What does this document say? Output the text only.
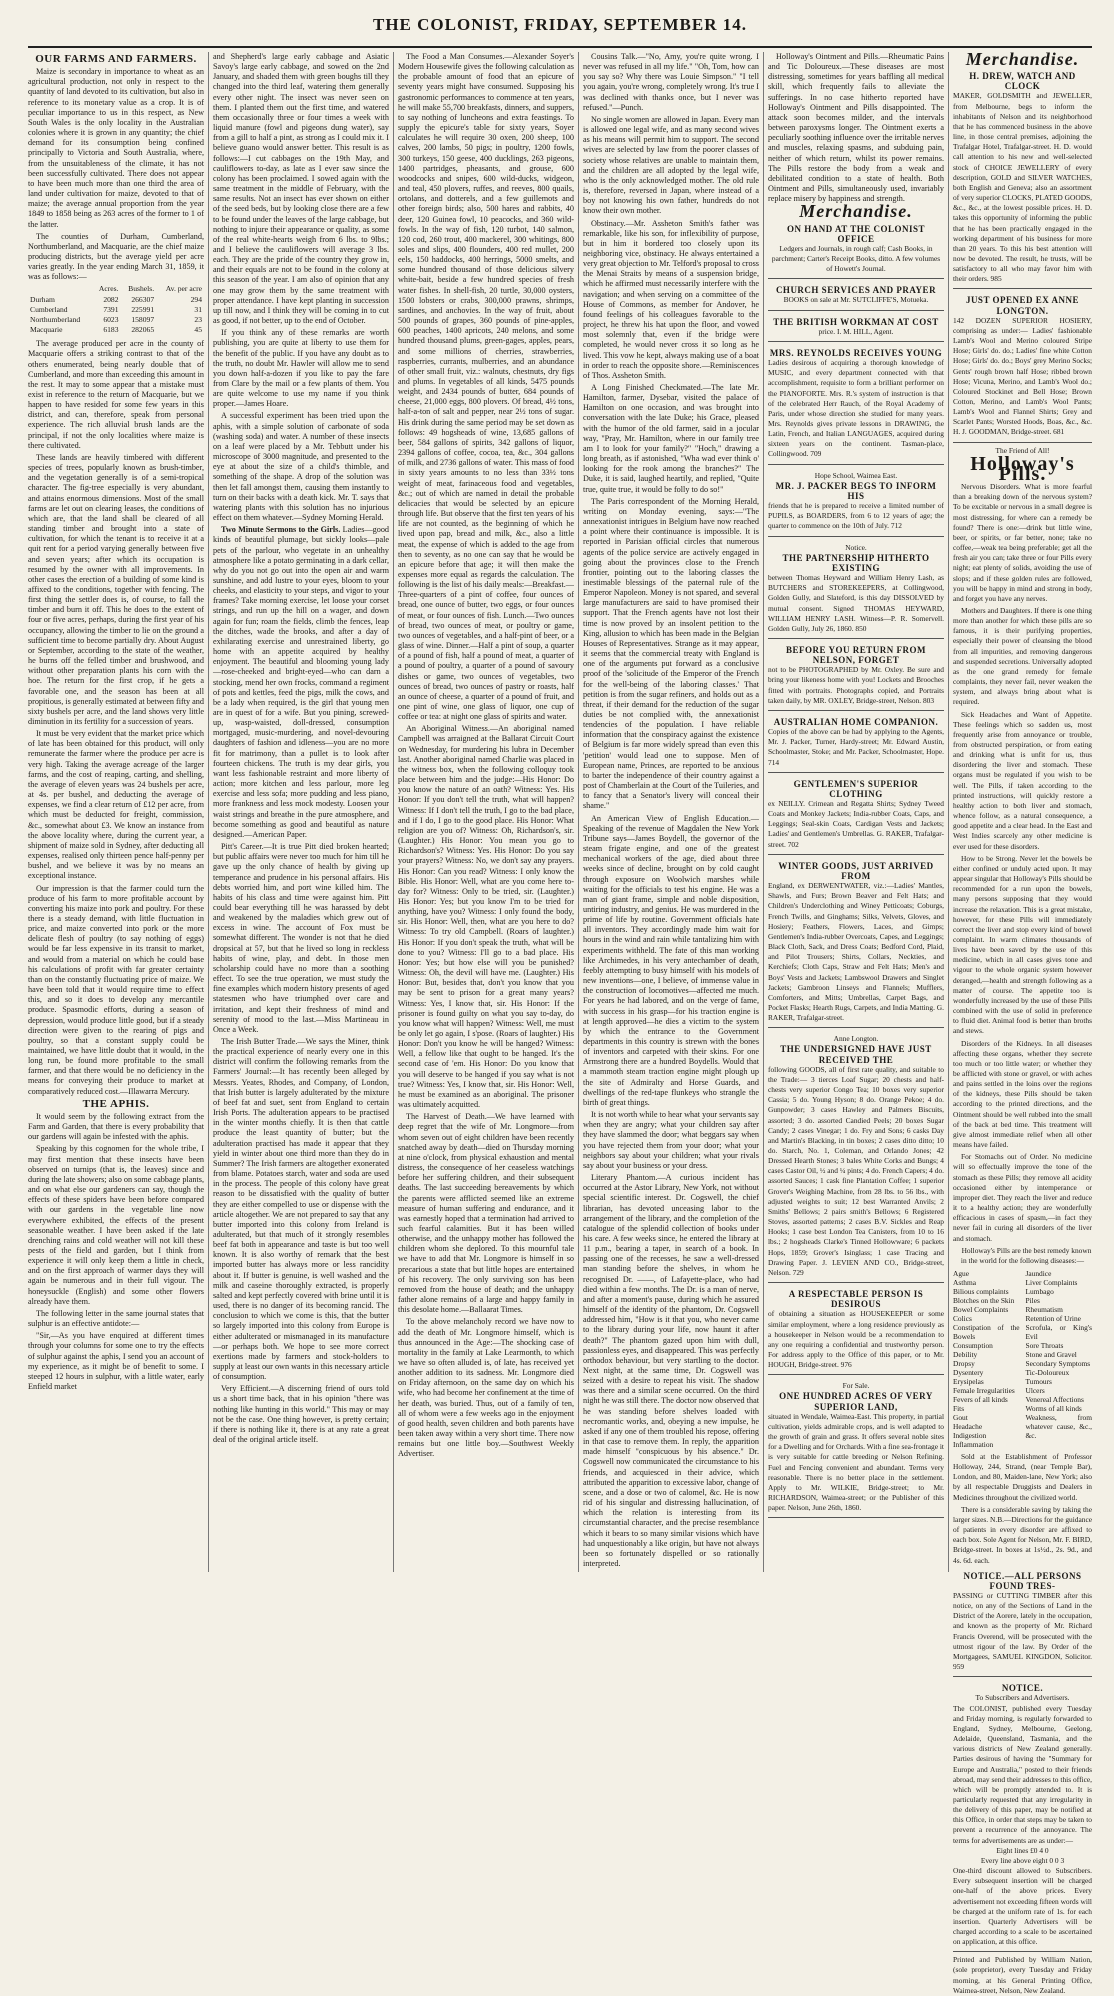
THE COLONIST, FRIDAY, SEPTEMBER 14.
OUR FARMS AND FARMERS.

Maize is secondary in importance to wheat as an agricultural production, not only in respect to the quantity of land devoted to its cultivation, but also in reference to its monetary value as a crop. It is of peculiar importance to us in this respect, as New South Wales is the only locality in the Australian colonies where it is grown in any quantity; the chief demand for its consumption being confined principally to Victoria and South Australia, where, from the unsuitableness of the climate, it has not been successfully cultivated. There does not appear to have been much more than one third the area of land under cultivation for maize, devoted to that of maize; the average annual proportion from the year 1849 to 1858 being as 263 acres of the former to 1 of the latter.

The counties of Durham, Cumberland, Northumberland, and Macquarie, are the chief maize producing districts, but the average yield per acre varies greatly. In the year ending March 31, 1859, it was as follows:—

	Acres.	Bushels.	Av. per acre
Durham	2082	266307	294
Cumberland	7391	225991	31
Northumberland	6023	158097	23
Macquarie	6183	282065	45

The average produced per acre in the county of Macquarie offers a striking contrast to that of the others enumerated, being nearly double that of Cumberland, and more than exceeding this amount in the rest. It may to some appear that a mistake must exist in reference to the return of Macquarie, but we happen to have resided for some few years in this district, and can, therefore, speak from personal experience. The rich alluvial brush lands are the principal, if not the only localities where maize is there cultivated.

These lands are heavily timbered with different species of trees, popularly known as brush-timber, and the vegetation generally is of a semi-tropical character. The fig-tree especially is very abundant, and attains enormous dimensions. Most of the small farms are let out on clearing leases, the conditions of which are, that the land shall be cleared of all standing timber and brought into a state of cultivation, for which the tenant is to receive it at a quit rent for a period varying generally between five and seven years; after which its occupation is resumed by the owner with all improvements. In other cases the erection of a building of some kind is affixed to the conditions, together with fencing. The first thing the settler does is, of course, to fall the timber and burn it off. This he does to the extent of four or five acres, perhaps, during the first year of his occupancy, allowing the timber to lie on the ground a sufficient time to become partially dry. About August or September, according to the state of the weather, he burns off the felled timber and brushwood, and without other preparation plants his corn with the hoe. The return for the first crop, if he gets a favorable one, and the season has been at all propitious, is generally estimated at between fifty and sixty bushels per acre, and the land shows very little diminution in its fertility for a succession of years.

It must be very evident that the market price which of late has been obtained for this product, will only remunerate the farmer where the produce per acre is very high. Taking the average acreage of the larger farms, and the cost of reaping, carting, and shelling, the average of eleven years was 24 bushels per acre, at 4s. per bushel, and deducting the average of expenses, we find a clear return of £12 per acre, from which must be deducted for freight, commission, &c., somewhat about £3. We know an instance from the above locality where, during the current year, a shipment of maize sold in Sydney, after deducting all expenses, realised only thirteen pence half-penny per bushel, and we believe it was by no means an exceptional instance.

Our impression is that the farmer could turn the produce of his farm to more profitable account by converting his maize into pork and poultry. For these there is a steady demand, with little fluctuation in price, and maize converted into pork or the more delicate flesh of poultry (to say nothing of eggs) would be far less expensive in its transit to market, and would from a material on which he could base his calculations of profit with far greater certainty than on the constantly fluctuating price of maize. We have been told that it would require time to effect this, and so it does to develop any mercantile produce. Spasmodic efforts, during a season of depression, would produce little good, but if a steady direction were given to the rearing of pigs and poultry, so that a constant supply could be maintained, we have little doubt that it would, in the long run, be found more profitable to the small farmer, and that there would be no deficiency in the means for conveying their produce to market at comparatively reduced cost.—Illawarra Mercury.

THE APHIS.

It would seem by the following extract from the Farm and Garden, that there is every probability that our gardens will again be infested with the aphis.

Speaking by this cognomen for the whole tribe, I may first mention that these insects have been observed on turnips (that is, the leaves) since and during the late showers; also on some cabbage plants, and on what else our gardeners can say, though the effects of these spiders have been before compared with our gardens in the vegetable line now everywhere exhibited, the effects of the present seasonable weather. I have been asked if the late drenching rains and cold weather will not kill these pests of the field and garden, but I think from experience it will only keep them a little in check, and on the first approach of warmer days they will again be numerous and in their full vigour. The honeysuckle (English) and some other flowers already have them.

The following letter in the same journal states that sulphur is an effective antidote:—

"Sir,—As you have enquired at different times through your columns for some one to try the effects of sulphur against the aphis, I send you an account of my experience, as it might be of benefit to some. I steeped 12 hours in sulphur, with a little water, early Enfield market

and Shepherd's large early cabbage and Asiatic Savoy's large early cabbage, and sowed on the 2nd January, and shaded them with green boughs till they changed into the third leaf, watering them generally every other night. The insect was never seen on them. I planted them out the first time, and watered them occasionally three or four times a week with liquid manure (fowl and pigeons dung water), say from a gill to half a pint, as strong as I could mix it. I believe guano would answer better. This result is as follows:—I cut cabbages on the 19th May, and cauliflowers to-day, as late as I ever saw since the colony has been proclaimed. I sowed again with the same treatment in the middle of February, with the same results. Not an insect has ever shown on either of the seed beds, but by looking close there are a few to be found under the leaves of the large cabbage, but nothing to injure their appearance or quality, as some of the real white-hearts weigh from 6 lbs. to 9lbs.; and I believe the cauliflowers will average 3 lbs. each. They are the pride of the country they grow in, and their equals are not to be found in the colony at this season of the year. I am also of opinion that any one may grow them by the same treatment with proper attendance. I have kept planting in succession up till now, and I think they will be coming in to cut as good, if not better, up to the end of October.

If you think any of these remarks are worth publishing, you are quite at liberty to use them for the benefit of the public. If you have any doubt as to the truth, no doubt Mr. Hawler will allow me to send you down half-a-dozen if you like to pay the fare from Clare by the mail or a few plants of them. You are quite welcome to use my name if you think proper.—James Hoare.

A successful experiment has been tried upon the aphis, with a simple solution of carbonate of soda (washing soda) and water. A number of these insects on a leaf were placed by a Mr. Tebbutt under his microscope of 3000 magnitude, and presented to the eye at about the size of a child's thimble, and something of the shape. A drop of the solution was then let fall amongst them, causing them instantly to turn on their backs with a death kick. Mr. T. says that watering plants with this solution has no injurious effect on them whatever.—Sydney Morning Herald.

Two Minute Sermons to the Girls. Ladies—good kinds of beautiful plumage, but sickly looks—pale pets of the parlour, who vegetate in an unhealthy atmosphere like a potato germinating in a dark cellar, why do you not go out into the open air and warm sunshine, and add lustre to your eyes, bloom to your cheeks, and elasticity to your steps, and vigor to your frames? Take morning exercise, let loose your corset strings, and run up the hill on a wager, and down again for fun; roam the fields, climb the fences, leap the ditches, wade the brooks, and after a day of exhilarating exercise and unrestrained liberty, go home with an appetite acquired by healthy enjoyment. The beautiful and blooming young lady—rose-cheeked and bright-eyed—who can darn a stocking, mend her own frocks, command a regiment of pots and kettles, feed the pigs, milk the cows, and be a lady when required, is the girl that young men are in quest of for a wife. But you pining, screwed-up, wasp-waisted, doll-dressed, consumption mortgaged, music-murdering, and novel-devouring daughters of fashion and idleness—you are no more fit for matrimony, than a pullet is to look after fourteen chickens. The truth is my dear girls, you want less fashionable restraint and more liberty of action; more kitchen and less parlour, more leg exercise and less sofa; more pudding and less piano, more frankness and less mock modesty. Loosen your waist strings and breathe in the pure atmosphere, and become something as good and beautiful as nature designed.—American Paper.

Pitt's Career.—It is true Pitt died broken hearted; but public affairs were never too much for him till he gave up the only chance of health by giving up temperance and prudence in his personal affairs. His debts worried him, and port wine killed him. The habits of his class and time were against him. Pitt could bear everything till he was harassed by debt and weakened by the maladies which grew out of excess in wine. The account of Fox must be somewhat different. The wonder is not that he died dropsical at 57, but that he lived so long in reckless habits of wine, play, and debt. In those men scholarship could have no more than a soothing effect. To see the true operation, we must study the fine examples which modern history presents of aged statesmen who have triumphed over care and irritation, and kept their freshness of mind and serenity of mood to the last.—Miss Martineau in Once a Week.

The Irish Butter Trade.—We says the Miner, think the practical experience of nearly every one in this district will confirm the following remarks from the Farmers' Journal:—It has recently been alleged by Messrs. Yeates, Rhodes, and Company, of London, that Irish butter is largely adulterated by the mixture of beef fat and suet, sent from England to certain Irish Ports. The adulteration appears to be practised in the winter months chiefly. It is then that cattle produce the least quantity of butter; but the adulteration practised has made it appear that they yield in winter about one third more than they do in Summer? The Irish farmers are altogether exonerated from blame. Potatoes starch, water and soda are used in the process. The people of this colony have great reason to be dissatisfied with the quality of butter they are either compelled to use or dispense with the article altogether. We are not prepared to say that any butter imported into this colony from Ireland is adulterated, but that much of it strongly resembles beef fat both in appearance and taste is but too well known. It is also worthy of remark that the best imported butter has always more or less rancidity about it. If butter is genuine, is well washed and the milk and caseine thoroughly extracted, is properly salted and kept perfectly covered with brine until it is used, there is no danger of its becoming rancid. The conclusion to which we come is this, that the butter so largely imported into this colony from Europe is either adulterated or mismanaged in its manufacture—or perhaps both. We hope to see more correct exertions made by farmers and stock-holders to supply at least our own wants in this necessary article of consumption.

Very Efficient.—A discerning friend of ours told us a short time back, that in his opinion "there was nothing like hunting in this world." This may or may not be the case. One thing however, is pretty certain; if there is nothing like it, there is at any rate a great deal of the original article itself.

The Food a Man Consumes.—Alexander Soyer's Modern Housewife gives the following calculation as the probable amount of food that an epicure of seventy years might have consumed. Supposing his gastronomic performances to commence at ten years, he will make 55,700 breakfasts, dinners, and suppers, to say nothing of luncheons and extra feastings. To supply the epicure's table for sixty years, Soyer calculates he will require 30 oxen, 200 sheep, 100 calves, 200 lambs, 50 pigs; in poultry, 1200 fowls, 300 turkeys, 150 geese, 400 ducklings, 263 pigeons, 1400 partridges, pheasants, and grouse, 600 woodcocks and snipes, 600 wild-ducks, widgeon, and teal, 450 plovers, ruffes, and reeves, 800 quails, ortolans, and dotterels, and a few guillemots and other foreign birds; also, 500 hares and rabbits, 40 deer, 120 Guinea fowl, 10 peacocks, and 360 wild-fowls. In the way of fish, 120 turbot, 140 salmon, 120 cod, 260 trout, 400 mackerel, 300 whitings, 800 soles and slips, 400 flounders, 400 red mullet, 200 eels, 150 haddocks, 400 herrings, 5000 smelts, and some hundred thousand of those delicious silvery white-bait, beside a few hundred species of fresh water fishes. In shell-fish, 20 turtle, 30,000 oysters, 1500 lobsters or crabs, 300,000 prawns, shrimps, sardines, and anchovies. In the way of fruit, about 500 pounds of grapes, 360 pounds of pine-apples, 600 peaches, 1400 apricots, 240 melons, and some hundred thousand plums, green-gages, apples, pears, and some millions of cherries, strawberries, raspberries, currants, mulberries, and an abundance of other small fruit, viz.: walnuts, chestnuts, dry figs and plums. In vegetables of all kinds, 5475 pounds weight, and 2434 pounds of butter, 684 pounds of cheese, 21,000 eggs, 800 plovers. Of bread, 4½ tons, half-a-ton of salt and pepper, near 2½ tons of sugar. His drink during the same period may be set down as follows: 49 hogsheads of wine, 13,685 gallons of beer, 584 gallons of spirits, 342 gallons of liquor, 2394 gallons of coffee, cocoa, tea, &c., 304 gallons of milk, and 2736 gallons of water. This mass of food in sixty years amounts to no less than 33½ tons weight of meat, farinaceous food and vegetables, &c.; out of which are named in detail the probable delicacies that would be selected by an epicure through life. But observe that the first ten years of his life are not counted, as the beginning of which he lived upon pap, bread and milk, &c., also a little meat, the expense of which is added to the age from then to seventy, as no one can say that he would be an epicure before that age; it will then make the expenses more equal as regards the calculation. The following is the list of his daily meals:—Breakfast.—Three-quarters of a pint of coffee, four ounces of bread, one ounce of butter, two eggs, or four ounces of meat, or four ounces of fish. Lunch.—Two ounces of bread, two ounces of meat, or poultry or game, two ounces of vegetables, and a half-pint of beer, or a glass of wine. Dinner.—Half a pint of soup, a quarter of a pound of fish, half a pound of meat, a quarter of a pound of poultry, a quarter of a pound of savoury dishes or game, two ounces of vegetables, two ounces of bread, two ounces of pastry or roasts, half an ounce of cheese, a quarter of a pound of fruit, and one pint of wine, one glass of liquor, one cup of coffee or tea: at night one glass of spirits and water.

An Aboriginal Witness.—An aboriginal named Campbell was arraigned at the Ballarat Circuit Court on Wednesday, for murdering his lubra in December last. Another aboriginal named Charlie was placed in the witness box, when the following colloquy took place between him and the judge:—His Honor: Do you know the nature of an oath? Witness: Yes. His Honor: If you don't tell the truth, what will happen? Witness: If I don't tell the truth, I go to the bad place, and if I do, I go to the good place. His Honor: What religion are you of? Witness: Oh, Richardson's, sir. (Laughter.) His Honor: You mean you go to Richardson's? Witness: Yes. His Honor: Do you say your prayers? Witness: No, we don't say any prayers. His Honor: Can you read? Witness: I only know the Bible. His Honor: Well, what are you come here to-day for? Witness: Only to be tried, sir. (Laughter.) His Honor: Yes; but you know I'm to be tried for anything, have you? Witness: I only found the body, sir. His Honor: Well, then, what are you here to do? Witness: To try old Campbell. (Roars of laughter.) His Honor: If you don't speak the truth, what will be done to you? Witness: I'll go to a bad place. His Honor: Yes; but how else will you be punished? Witness: Oh, the devil will have me. (Laughter.) His Honor: But, besides that, don't you know that you may be sent to prison for a great many years? Witness: Yes, I know that, sir. His Honor: If the prisoner is found guilty on what you say to-day, do you know what will happen? Witness: Well, me must be only let go again, I s'pose. (Roars of laughter.) His Honor: Don't you know he will be hanged? Witness: Well, a fellow like that ought to be hanged. It's the second case of 'em. His Honor: Do you know that you will deserve to be hanged if you say what is not true? Witness: Yes, I know that, sir. His Honor: Well, he must be examined as an aboriginal. The prisoner was ultimately acquitted.

The Harvest of Death.—We have learned with deep regret that the wife of Mr. Longmore—from whom seven out of eight children have been recently snatched away by death—died on Thursday morning at nine o'clock, from physical exhaustion and mental distress, the consequence of her ceaseless watchings before her suffering children, and their subsequent deaths. The last succeeding bereavements by which the parents were afflicted seemed like an extreme measure of human suffering and endurance, and it was earnestly hoped that a termination had arrived to such fearful calamities. But it has been willed otherwise, and the unhappy mother has followed the children whom she deplored. To this mournful tale we have to add that Mr. Longmore is himself in so precarious a state that but little hopes are entertained of his recovery. The only surviving son has been removed from the house of death; and the unhappy father alone remains of a large and happy family in this desolate home.—Ballaarat Times.

To the above melancholy record we have now to add the death of Mr. Longmore himself, which is thus announced in the Age:—The shocking case of mortality in the family at Lake Learmonth, to which we have so often alluded is, of late, has received yet another addition to its sadness. Mr. Longmore died on Friday afternoon, on the same day on which his wife, who had become her confinement at the time of her death, was buried. Thus, out of a family of ten, all of whom were a few weeks ago in the enjoyment of good health, seven children and both parents have been taken away within a very short time. There now remains but one little boy.—Southwest Weekly Advertiser.

Cousins Talk.—"No, Amy, you're quite wrong. I never was refused in all my life." "Oh, Tom, how can you say so? Why there was Louie Simpson." "I tell you again, you're wrong, completely wrong. It's true I was declined with thanks once, but I never was refused."—Punch.

No single women are allowed in Japan. Every man is allowed one legal wife, and as many second wives as his means will permit him to support. The second wives are selected by law from the poorer classes of society whose relatives are unable to maintain them, and the children are all adopted by the legal wife, who is the only acknowledged mother. The old rule is, therefore, reversed in Japan, where instead of a boy not knowing his own father, hundreds do not know their own mother.

Obstinacy.—Mr. Assheton Smith's father was remarkable, like his son, for inflexibility of purpose, but in him it bordered too closely upon its neighboring vice, obstinacy. He always entertained a very great objection to Mr. Telford's proposal to cross the Menai Straits by means of a suspension bridge, which he affirmed must necessarily interfere with the navigation; and when serving on a committee of the House of Commons, as member for Andover, he found feelings of his colleagues favorable to the project, he threw his hat upon the floor, and vowed most solemnly that, even if the bridge were completed, he would never cross it so long as he lived. This vow he kept, always making use of a boat in order to reach the opposite shore.—Reminiscences of Thos. Assheton Smith.

A Long Finished Checkmated.—The late Mr. Hamilton, farmer, Dysebar, visited the palace of Hamilton on one occasion, and was brought into conversation with the late Duke; his Grace, pleased with the humor of the old farmer, said in a jocular way, "Pray, Mr. Hamilton, where in our family tree am I to look for your family?" "Hoch," drawing a long breath, as if astonished, "Wha wad ever think o' looking for the rook among the branches?" The Duke, it is said, laughed heartily, and replied, "Quite true, quite true, it would be folly to do so!"

The Paris correspondent of the Morning Herald, writing on Monday evening, says:—"The annexationist intrigues in Belgium have now reached a point where their continuance is impossible. It is reported in Parisian official circles that numerous agents of the police service are actively engaged in going about the provinces close to the French frontier, pointing out to the laboring classes the inestimable blessings of the paternal rule of the Emperor Napoleon. Money is not spared, and several large manufacturers are said to have promised their support. That the French agents have not lost their time is now proved by an insolent petition to the King, allusion to which has been made in the Belgian Houses of Representatives. Strange as it may appear, it seems that the commercial treaty with England is one of the arguments put forward as a conclusive proof of the 'solicitude of the Emperor of the French for the well-being of the laboring classes.' That petition is from the sugar refiners, and holds out as a threat, if their demand for the reduction of the sugar duties be not complied with, the annexationist tendencies of the population. I have reliable information that the conspiracy against the existence of Belgium is far more widely spread than even this 'petition' would lead one to suppose. Men of European name, Princes, are reported to be anxious to barter the independence of their country against a post of Chamberlain at the Court of the Tuileries, and to fancy that a Senator's livery will conceal their shame."

An American View of English Education.—Speaking of the revenue of Magdalen the New York Tribune says—James Boydell, the governor of the steam frigate engine, and one of the greatest mechanical workers of the age, died about three weeks since of decline, brought on by cold caught through exposure on Woolwich marshes while waiting for the officials to test his engine. He was a man of giant frame, simple and noble disposition, untiring industry, and genius. He was murdered in the prime of life by routine. Government officials hate all inventors. They accordingly made him wait for hours in the wind and rain while tantalizing him with experiments withheld. The fate of this man working like Archimedes, in his very antechamber of death, feebly attempting to busy himself with his models of new inventions—one, I believe, of immense value in the construction of locomotives—affected me much. For years he had labored, and on the verge of fame, with success in his grasp—for his traction engine is at length approved—he dies a victim to the system by which the entrance to the Government departments in this country is strewn with the bones of inventors and carpeted with their skins. For one Armstrong there are a hundred Boydells. Would that a mammoth steam traction engine might plough up the site of Admiralty and Horse Guards, and dwellings of the red-tape flunkeys who strangle the birth of great things.

It is not worth while to hear what your servants say when they are angry; what your children say after they have slammed the door; what beggars say when you have rejected them from your door; what your neighbors say about your children; what your rivals say about your business or your dress.

Literary Phantom.—A curious incident has occurred at the Astor Library, New York, not without special scientific interest. Dr. Cogswell, the chief librarian, has devoted unceasing labor to the arrangement of the library, and the completion of the catalogue of the splendid collection of books under his care. A few weeks since, he entered the library at 11 p.m., bearing a taper, in search of a book. In passing one of the recesses, he saw a well-dressed man standing before the shelves, in whom he recognised Dr. ——, of Lafayette-place, who had died within a few months. The Dr. is a man of nerve, and after a moment's pause, during which he assured himself of the identity of the phantom, Dr. Cogswell addressed him, "How is it that you, who never came to the library during your life, now haunt it after death?" The phantom gazed upon him with dull, passionless eyes, and disappeared. This was perfectly orthodox behaviour, but very startling to the doctor. Next night, at the same time, Dr. Cogswell was seized with a desire to repeat his visit. The shadow was there and a similar scene occurred. On the third night he was still there. The doctor now observed that he was standing before shelves loaded with necromantic works, and, obeying a new impulse, he asked if any one of them troubled his repose, offering in that case to remove them. In reply, the apparition made himself "conspicuous by his absence." Dr. Cogswell now communicated the circumstance to his friends, and acquiesced in their advice, which attributed the apparition to excessive labor, change of scene, and a dose or two of calomel, &c. He is now rid of his singular and distressing hallucination, of which the relation is interesting from its circumstantial character, and the precise resemblance which it bears to so many similar visions which have had unquestionably a like origin, but have not always been so fortunately dispelled or so rationally interpreted.

Holloway's Ointment and Pills.—Rheumatic Pains and Tic Doloureux.—These diseases are most distressing, sometimes for years baffling all medical skill, which frequently fails to alleviate the sufferings. In no case hitherto reported have Holloway's Ointment and Pills disappointed. The attack soon becomes milder, and the intervals between paroxysms longer. The Ointment exerts a peculiarly soothing influence over the irritable nerves and muscles, relaxing spasms, and subduing pain, neither of which return, whilst its power remains. The Pills restore the body from a weak and debilitated condition to a state of health. Both Ointment and Pills, simultaneously used, invariably replace misery by happiness and strength.

Merchandise.
ON HAND AT THE COLONIST OFFICE
Ledgers and Journals, in rough calf; Cash Books, in parchment; Carter's Receipt Books, ditto. A few volumes of Howett's Journal.
CHURCH SERVICES AND PRAYER
BOOKS on sale at Mr. SUTCLIFFE'S, Motueka.
THE BRITISH WORKMAN AT COST
price. I. M. HILL, Agent.
MRS. REYNOLDS RECEIVES YOUNG
Ladies desirous of acquiring a thorough knowledge of MUSIC, and every department connected with that accomplishment, requisite to form a brilliant performer on the PIANOFORTE. Mrs. R.'s system of instruction is that of the celebrated Herr Rauch, of the Royal Academy of Paris, under whose direction she studied for many years. Mrs. Reynolds gives private lessons in DRAWING, the Latin, French, and Italian LANGUAGES, acquired during sixteen years on the continent. Tasman-place, Collingwood. 709
Hope School, Waimea East.
MR. J. PACKER BEGS TO INFORM HIS
friends that he is prepared to receive a limited number of PUPILS, as BOARDERS, from 6 to 12 years of age; the quarter to commence on the 10th of July. 712
Notice.
THE PARTNERSHIP HITHERTO EXISTING
between Thomas Heyward and William Henry Lash, as BUTCHERS and STOREKEEPERS, at Collingwood, Golden Gully, and Slateford, is this day DISSOLVED by mutual consent. Signed THOMAS HEYWARD, WILLIAM HENRY LASH. Witness—P. R. Somervell. Golden Gully, July 26, 1860. 850
BEFORE YOU RETURN FROM NELSON, FORGET
not to be PHOTOGRAPHED by Mr. Oxley. Be sure and bring your likeness home with you! Lockets and Brooches fitted with portraits. Photographs copied, and Portraits taken daily, by MR. OXLEY, Bridge-street, Nelson. 803
AUSTRALIAN HOME COMPANION.
Copies of the above can be had by applying to the Agents, Mr. J. Packer, Turner, Hardy-street; Mr. Edward Austin, Schoolmaster, Stoke; and Mr. Packer, Schoolmaster, Hope. 714
GENTLEMEN'S SUPERIOR CLOTHING
ex NEILLY. Crimean and Regatta Shirts; Sydney Tweed Coats and Monkey Jackets; India-rubber Coats, Caps, and Leggings; Seal-skin Coats, Cardigan Vests and Jackets; Ladies' and Gentlemen's Umbrellas. G. RAKER, Trafalgar-street. 702
WINTER GOODS, JUST ARRIVED FROM
England, ex DERWENTWATER, viz.:—Ladies' Mantles, Shawls, and Furs; Brown Beaver and Felt Hats; and Children's Underclothing and Winey Petticoats; Coburgs, French Twills, and Ginghams; Silks, Velvets, Gloves, and Hosiery; Feathers, Flowers, Laces, and Gimps; Gentlemen's India-rubber Overcoats, Capes, and Leggings; Black Cloth, Sack, and Dress Coats; Bedford Cord, Plaid, and Pilot Trousers; Shirts, Collars, Neckties, and Kerchiefs; Cloth Caps, Straw and Felt Hats; Men's and Boys' Vests and Jackets; Lambswool Drawers and Singlet Jackets; Gambroon Linseys and Flannels; Mufflers, Comforters, and Mitts; Umbrellas, Carpet Bags, and Pocket Flasks; Hearth Rugs, Carpets, and India Matting. G. RAKER, Trafalgar-street.
Anne Longton.
THE UNDERSIGNED HAVE JUST RECEIVED THE
following GOODS, all of first rate quality, and suitable to the Trade:— 3 tierces Loaf Sugar; 20 chests and half-chests very superior Congo Tea; 10 boxes very superior Cassia; 5 do. Young Hyson; 8 do. Orange Pekoe; 4 do. Gunpowder; 3 cases Hawley and Palmers Biscuits, assorted; 3 do. assorted Candied Peels; 20 boxes Sugar Candy; 2 cases Vinegar; 1 do. Fry and Sons; 6 casks Day and Martin's Blacking, in tin boxes; 2 cases ditto ditto; 10 do. Starch, No. 1, Coleman, and Orlando Jones; 42 Dressed Hearth Stones; 3 bales White Corks and Bungs; 4 cases Castor Oil, ½ and ¼ pints; 4 do. French Capers; 4 do. assorted Sauces; 1 cask fine Plantation Coffee; 1 superior Grover's Weighing Machine, from 28 lbs. to 56 lbs., with adjusted weights to suit; 12 best Warranted Anvils; 2 Smiths' Bellows; 2 pairs smith's Bellows; 6 Registered Stoves, assorted patterns; 2 cases B.V. Sickles and Reap Hooks; 1 case best London Tea Canisters, from 10 to 16 lbs.; 2 hogsheads Clarke's Tinned Hollowware; 6 packets Hops, 1859; Grover's Isinglass; 1 case Tracing and Drawing Paper. J. LEVIEN AND CO., Bridge-street, Nelson. 729
A RESPECTABLE PERSON IS DESIROUS
of obtaining a situation as HOUSEKEEPER or some similar employment, where a long residence previously as a housekeeper in Nelson would be a recommendation to any one requiring a confidential and trustworthy person. For address apply to the Office of this paper, or to Mr. HOUGH, Bridge-street. 976
For Sale.
ONE HUNDRED ACRES OF VERY SUPERIOR LAND,
situated in Wendale, Waimea-East. This property, in partial cultivation, yields admirable crops, and is well adapted to the growth of grain and grass. It offers several noble sites for a Dwelling and for Orchards. With a fine sea-frontage it is very suitable for cattle breeding or Nelson Refining. Fuel and Fencing convenient and abundant. Terms very reasonable. There is no better place in the settlement. Apply to Mr. WILKIE, Bridge-street; to Mr. RICHARDSON, Waimea-street; or the Publisher of this paper. Nelson, June 26th, 1860.
Merchandise.
H. DREW, WATCH AND CLOCK
MAKER, GOLDSMITH and JEWELLER, from Melbourne, begs to inform the inhabitants of Nelson and its neighborhood that he has commenced business in the above line, in those central premises, adjoining the Trafalgar Hotel, Trafalgar-street. H. D. would call attention to his new and well-selected stock of CHOICE JEWELLERY of every description, GOLD and SILVER WATCHES, both English and Geneva; also an assortment of very superior CLOCKS, PLATED GOODS, &c., &c., at the lowest possible prices. H. D. takes this opportunity of informing the public that he has been practically engaged in the working department of his business for more than 20 years. To this his best attention will now be devoted. The result, he trusts, will be satisfactory to all who may favor him with their orders. 985
JUST OPENED EX ANNE LONGTON.
142 DOZEN SUPERIOR HOSIERY, comprising as under:— Ladies' fashionable Lamb's Wool and Merino coloured Stripe Hose; Girls' do. do.; Ladies' fine white Cotton Hose; Girls' do. do.; Boys' grey Merino Socks; Gents' rough brown half Hose; ribbed brown Hose; Vicuna, Merino, and Lamb's Wool do.; Coloured Stockinet and Bell Hose; Brown Cotton, Merino, and Lamb's Wool Pants; Lamb's Wool and Flannel Shirts; Grey and Scarlet Pants; Worsted Hoods, Boas, &c., &c. H. J. GOODMAN, Bridge-street. 681
The Friend of All!
Holloway's Pills.

Nervous Disorders. What is more fearful than a breaking down of the nervous system? To be excitable or nervous in a small degree is most distressing, for where can a remedy be found? There is one:—drink but little wine, beer, or spirits, or far better, none; take no coffee,—weak tea being preferable; get all the fresh air you can; take three or four Pills every night; eat plenty of solids, avoiding the use of slops; and if these golden rules are followed, you will be happy in mind and strong in body, and forget you have any nerves.

Mothers and Daughters. If there is one thing more than another for which these pills are so famous, it is their purifying properties, especially their power of cleansing the blood from all impurities, and removing dangerous and suspended secretions. Universally adopted as the one grand remedy for female complaints, they never fail, never weaken the system, and always bring about what is required.

Sick Headaches and Want of Appetite. These feelings which so sadden us, most frequently arise from annoyance or trouble, from obstructed perspiration, or from eating and drinking what is unfit for us, thus disordering the liver and stomach. These organs must be regulated if you wish to be well. The Pills, if taken according to the printed instructions, will quickly restore a healthy action to both liver and stomach, whence follow, as a natural consequence, a good appetite and a clear head. In the East and West Indies scarcely any other medicine is ever used for these disorders.

How to be Strong. Never let the bowels be either confined or unduly acted upon. It may appear singular that Holloway's Pills should be recommended for a run upon the bowels, many persons supposing that they would increase the relaxation. This is a great mistake, however, for these Pills will immediately correct the liver and stop every kind of bowel complaint. In warm climates thousands of lives have been saved by the use of this medicine, which in all cases gives tone and vigour to the whole organic system however deranged,—health and strength following as a matter of course. The appetite too is wonderfully increased by the use of these Pills combined with the use of solid in preference to fluid diet. Animal food is better than broths and stews.

Disorders of the Kidneys. In all diseases affecting these organs, whether they secrete too much or too little water; or whether they be afflicted with stone or gravel, or with aches and pains settled in the loins over the regions of the kidneys, these Pills should be taken according to the printed directions, and the Ointment should be well rubbed into the small of the back at bed time. This treatment will give almost immediate relief when all other means have failed.

For Stomachs out of Order. No medicine will so effectually improve the tone of the stomach as these Pills; they remove all acidity occasioned either by intemperance or improper diet. They reach the liver and reduce it to a healthy action; they are wonderfully efficacious in cases of spasm,—in fact they never fail in curing all disorders of the liver and stomach.

Holloway's Pills are the best remedy known in the world for the following diseases:—

Ague
Asthma
Bilious complaints
Blotches on the Skin
Bowel Complaints
Colics
Constipation of the Bowels
Consumption
Debility
Dropsy
Dysentery
Erysipelas
Female Irregularities
Fevers of all kinds
Fits
Gout
Headache
Indigestion
Inflammation
Jaundice
Liver Complaints
Lumbago
Piles
Rheumatism
Retention of Urine
Scrofula, or King's Evil
Sore Throats
Stone and Gravel
Secondary Symptoms
Tic-Doloureux
Tumours
Ulcers
Venereal Affections
Worms of all kinds
Weakness, from whatever cause, &c., &c.

Sold at the Establishment of Professor Holloway, 244, Strand, (near Temple Bar), London, and 80, Maiden-lane, New York; also by all respectable Druggists and Dealers in Medicines throughout the civilized world.

There is a considerable saving by taking the larger sizes. N.B.—Directions for the guidance of patients in every disorder are affixed to each box. Sole Agent for Nelson, Mr. F. BIRD, Bridge-street. In boxes at 1s½d., 2s. 9d., and 4s. 6d. each.

NOTICE.—ALL PERSONS FOUND TRES-
PASSING or CUTTING TIMBER after this notice, on any of the Sections of Land in the District of the Aorere, lately in the occupation, and known as the property of Mr. Richard Francis Overend, will be prosecuted with the utmost rigour of the law. By Order of the Mortgagees, SAMUEL KINGDON, Solicitor. 959
NOTICE.
To Subscribers and Advertisers.
The COLONIST, published every Tuesday and Friday morning, is regularly forwarded to England, Sydney, Melbourne, Geelong, Adelaide, Queensland, Tasmania, and the various districts of New Zealand generally. Parties desirous of having the "Summary for Europe and Australia," posted to their friends abroad, may send their addresses to this office, which will be promptly attended to. It is particularly requested that any irregularity in the delivery of this paper, may be notified at this Office, in order that steps may be taken to prevent a recurrence of the annoyance. The terms for advertisements are as under:—
Eight lines £0 4 0
Every line above eight 0 0 3
One-third discount allowed to Subscribers. Every subsequent insertion will be charged one-half of the above prices. Every advertisement not exceeding fifteen words will be charged at the uniform rate of 1s. for each insertion. Quarterly Advertisers will be charged according to a scale to be ascertained on application, at this office.
Printed and Published by William Nation, (sole proprietor), every Tuesday and Friday morning, at his General Printing Office, Waimea-street, Nelson, New Zealand.
